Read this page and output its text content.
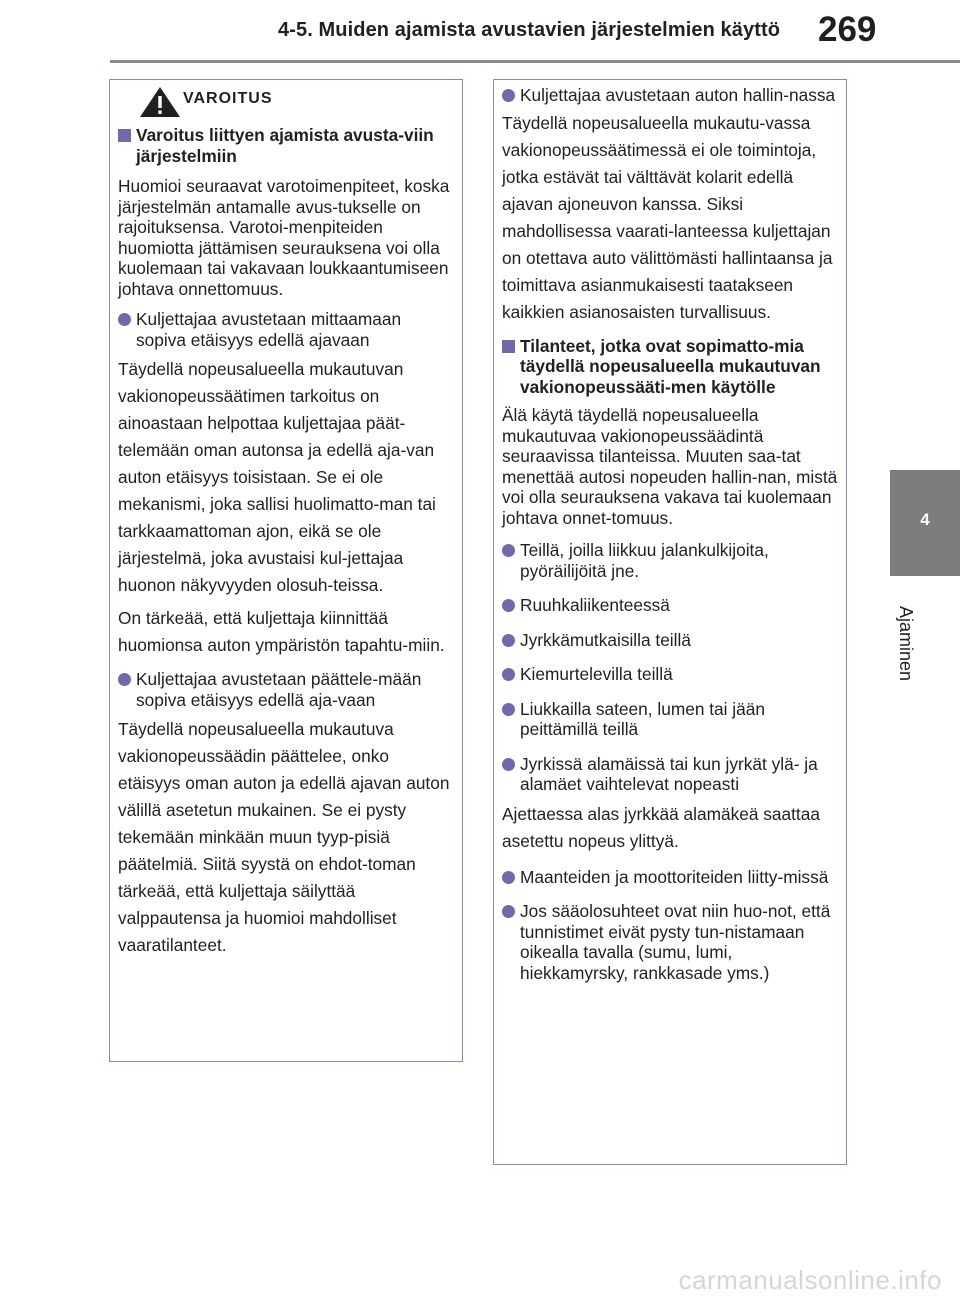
4-5. Muiden ajamista avustavien järjestelmien käyttö 269
4
Ajaminen
VAROITUS
Varoitus liittyen ajamista avusta-viin järjestelmiin
Huomioi seuraavat varotoimenpiteet, koska järjestelmän antamalle avus-tukselle on rajoituksensa. Varotoi-menpiteiden huomiotta jättämisen seurauksena voi olla kuolemaan tai vakavaan loukkaantumiseen johtava onnettomuus.
Kuljettajaa avustetaan mittaamaan sopiva etäisyys edellä ajavaan
Täydellä nopeusalueella mukautuvan vakionopeussäätimen tarkoitus on ainoastaan helpottaa kuljettajaa päät-telemään oman autonsa ja edellä aja-van auton etäisyys toisistaan. Se ei ole mekanismi, joka sallisi huolimatto-man tai tarkkaamattoman ajon, eikä se ole järjestelmä, joka avustaisi kul-jettajaa huonon näkyvyyden olosuh-teissa.
On tärkeää, että kuljettaja kiinnittää huomionsa auton ympäristön tapahtu-miin.
Kuljettajaa avustetaan päättele-mään sopiva etäisyys edellä aja-vaan
Täydellä nopeusalueella mukautuva vakionopeussäädin päättelee, onko etäisyys oman auton ja edellä ajavan auton välillä asetetun mukainen. Se ei pysty tekemään minkään muun tyyp-pisiä päätelmiä. Siitä syystä on ehdot-toman tärkeää, että kuljettaja säilyttää valppautensa ja huomioi mahdolliset vaaratilanteet.
Kuljettajaa avustetaan auton hallin-nassa
Täydellä nopeusalueella mukautu-vassa vakionopeussäätimessä ei ole toimintoja, jotka estävät tai välttävät kolarit edellä ajavan ajoneuvon kanssa. Siksi mahdollisessa vaarati-lanteessa kuljettajan on otettava auto välittömästi hallintaansa ja toimittava asianmukaisesti taatakseen kaikkien asianosaisten turvallisuus.
Tilanteet, jotka ovat sopimatto-mia täydellä nopeusalueella mukautuvan vakionopeussääti-men käytölle
Älä käytä täydellä nopeusalueella mukautuvaa vakionopeussäädintä seuraavissa tilanteissa. Muuten saa-tat menettää autosi nopeuden hallin-nan, mistä voi olla seurauksena vakava tai kuolemaan johtava onnet-tomuus.
Teillä, joilla liikkuu jalankulkijoita, pyöräilijöitä jne.
Ruuhkaliikenteessä
Jyrkkämutkaisilla teillä
Kiemurtelevilla teillä
Liukkailla sateen, lumen tai jään peittämillä teillä
Jyrkissä alamäissä tai kun jyrkät ylä- ja alamäet vaihtelevat nopeasti
Ajettaessa alas jyrkkää alamäkeä saattaa asetettu nopeus ylittyä.
Maanteiden ja moottoriteiden liitty-missä
Jos sääolosuhteet ovat niin huo-not, että tunnistimet eivät pysty tun-nistamaan oikealla tavalla (sumu, lumi, hiekkamyrsky, rankkasade yms.)
carmanualsonline.info
